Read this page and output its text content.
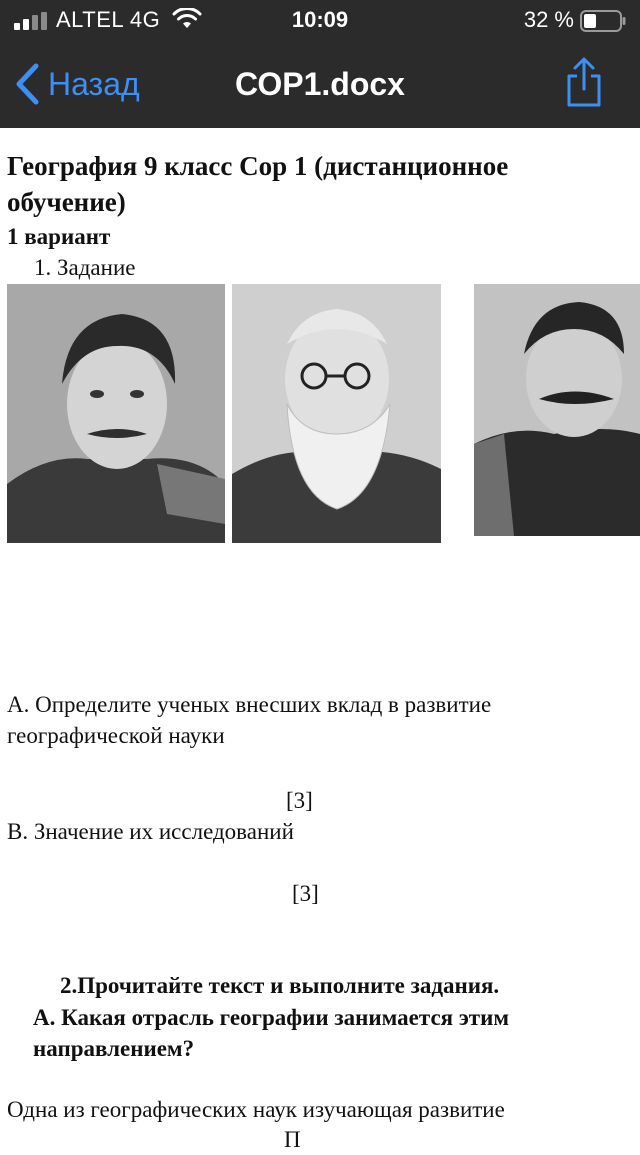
ALTEL 4G	10:09	32 %
Назад	СОР1.docx
География 9 класс Сор 1 (дистанционное обучение)
1 вариант
1. Задание
А. Определите ученых внесших вклад в развитие географической науки
[3]
В. Значение их исследований
[3]
2.Прочитайте текст и выполните задания.
А. Какая отрасль географии занимается этим направлением?
Одна из географических наук изучающая развитие
П
